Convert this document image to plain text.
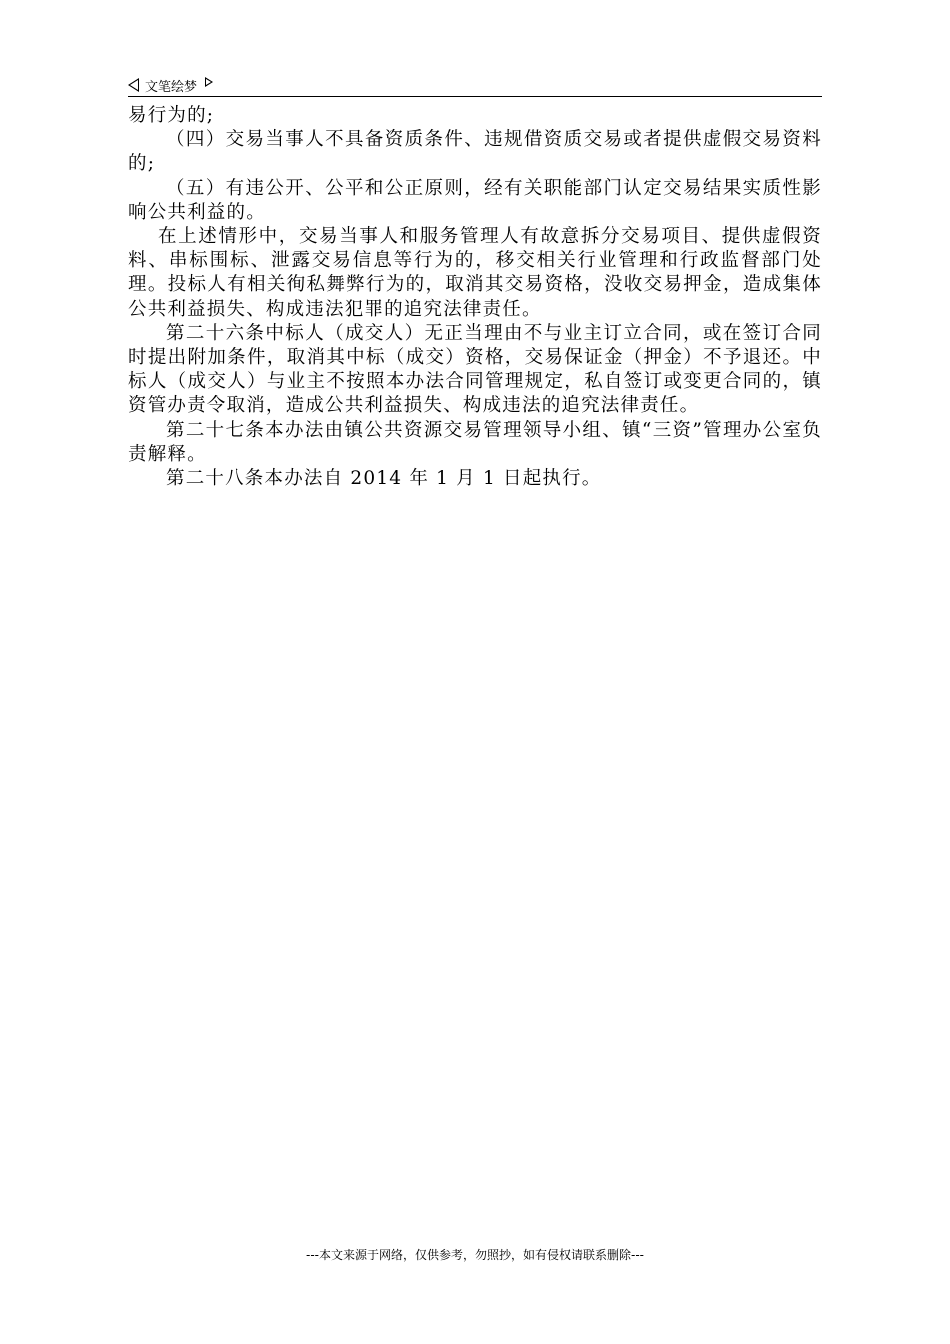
文笔绘梦

易行为的;

（四）交易当事人不具备资质条件、违规借资质交易或者提供虚假交易资料的;

（五）有违公开、公平和公正原则，经有关职能部门认定交易结果实质性影响公共利益的。

在上述情形中，交易当事人和服务管理人有故意拆分交易项目、提供虚假资料、串标围标、泄露交易信息等行为的，移交相关行业管理和行政监督部门处理。投标人有相关徇私舞弊行为的，取消其交易资格，没收交易押金，造成集体公共利益损失、构成违法犯罪的追究法律责任。

第二十六条中标人（成交人）无正当理由不与业主订立合同，或在签订合同时提出附加条件，取消其中标（成交）资格，交易保证金（押金）不予退还。中标人（成交人）与业主不按照本办法合同管理规定，私自签订或变更合同的，镇资管办责令取消，造成公共利益损失、构成违法的追究法律责任。

第二十七条本办法由镇公共资源交易管理领导小组、镇“三资”管理办公室负责解释。

第二十八条本办法自 2014 年 1 月 1 日起执行。

---本文来源于网络，仅供参考，勿照抄，如有侵权请联系删除---
